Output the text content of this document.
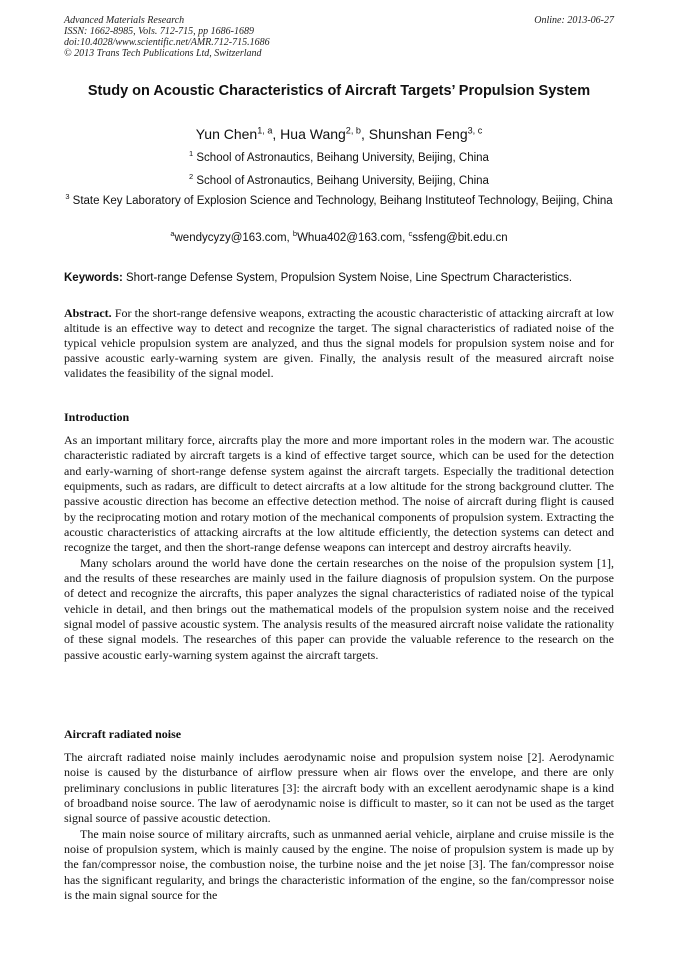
Advanced Materials Research
ISSN: 1662-8985, Vols. 712-715, pp 1686-1689
doi:10.4028/www.scientific.net/AMR.712-715.1686
© 2013 Trans Tech Publications Ltd, Switzerland
Online: 2013-06-27
Study on Acoustic Characteristics of Aircraft Targets’ Propulsion System
Yun Chen$^{1, a}$, Hua Wang$^{2, b}$, Shunshan Feng$^{3, c}$
$^1$ School of Astronautics, Beihang University, Beijing, China
$^2$ School of Astronautics, Beihang University, Beijing, China
$^3$ State Key Laboratory of Explosion Science and Technology, Beihang Instituteof Technology, Beijing, China
$^a$wendycyzy@163.com, $^b$Whua402@163.com, $^c$ssfeng@bit.edu.cn
Keywords: Short-range Defense System, Propulsion System Noise, Line Spectrum Characteristics.
Abstract. For the short-range defensive weapons, extracting the acoustic characteristic of attacking aircraft at low altitude is an effective way to detect and recognize the target. The signal characteristics of radiated noise of the typical vehicle propulsion system are analyzed, and thus the signal models for propulsion system noise and for passive acoustic early-warning system are given. Finally, the analysis result of the measured aircraft noise validates the feasibility of the signal model.
Introduction

As an important military force, aircrafts play the more and more important roles in the modern war. The acoustic characteristic radiated by aircraft targets is a kind of effective target source, which can be used for the detection and early-warning of short-range defense system against the aircraft targets. Especially the traditional detection equipments, such as radars, are difficult to detect aircrafts at a low altitude for the strong background clutter. The passive acoustic direction has become an effective detection method. The noise of aircraft during flight is caused by the reciprocating motion and rotary motion of the mechanical components of propulsion system. Extracting the acoustic characteristics of attacking aircrafts at the low altitude efficiently, the detection systems can detect and recognize the target, and then the short-range defense weapons can intercept and destroy aircrafts heavily.

Many scholars around the world have done the certain researches on the noise of the propulsion system [1], and the results of these researches are mainly used in the failure diagnosis of propulsion system. On the purpose of detect and recognize the aircrafts, this paper analyzes the signal characteristics of radiated noise of the typical vehicle in detail, and then brings out the mathematical models of the propulsion system noise and the received signal model of passive acoustic system. The analysis results of the measured aircraft noise validate the rationality of these signal models. The researches of this paper can provide the valuable reference to the research on the passive acoustic early-warning system against the aircraft targets.

Aircraft radiated noise

The aircraft radiated noise mainly includes aerodynamic noise and propulsion system noise [2]. Aerodynamic noise is caused by the disturbance of airflow pressure when air flows over the envelope, and there are only preliminary conclusions in public literatures [3]: the aircraft body with an excellent aerodynamic shape is a kind of broadband noise source. The law of aerodynamic noise is difficult to master, so it can not be used as the target signal source of passive acoustic detection.

The main noise source of military aircrafts, such as unmanned aerial vehicle, airplane and cruise missile is the noise of propulsion system, which is mainly caused by the engine. The noise of propulsion system is made up by the fan/compressor noise, the combustion noise, the turbine noise and the jet noise [3]. The fan/compressor noise has the significant regularity, and brings the characteristic information of the engine, so the fan/compressor noise is the main signal source for the
